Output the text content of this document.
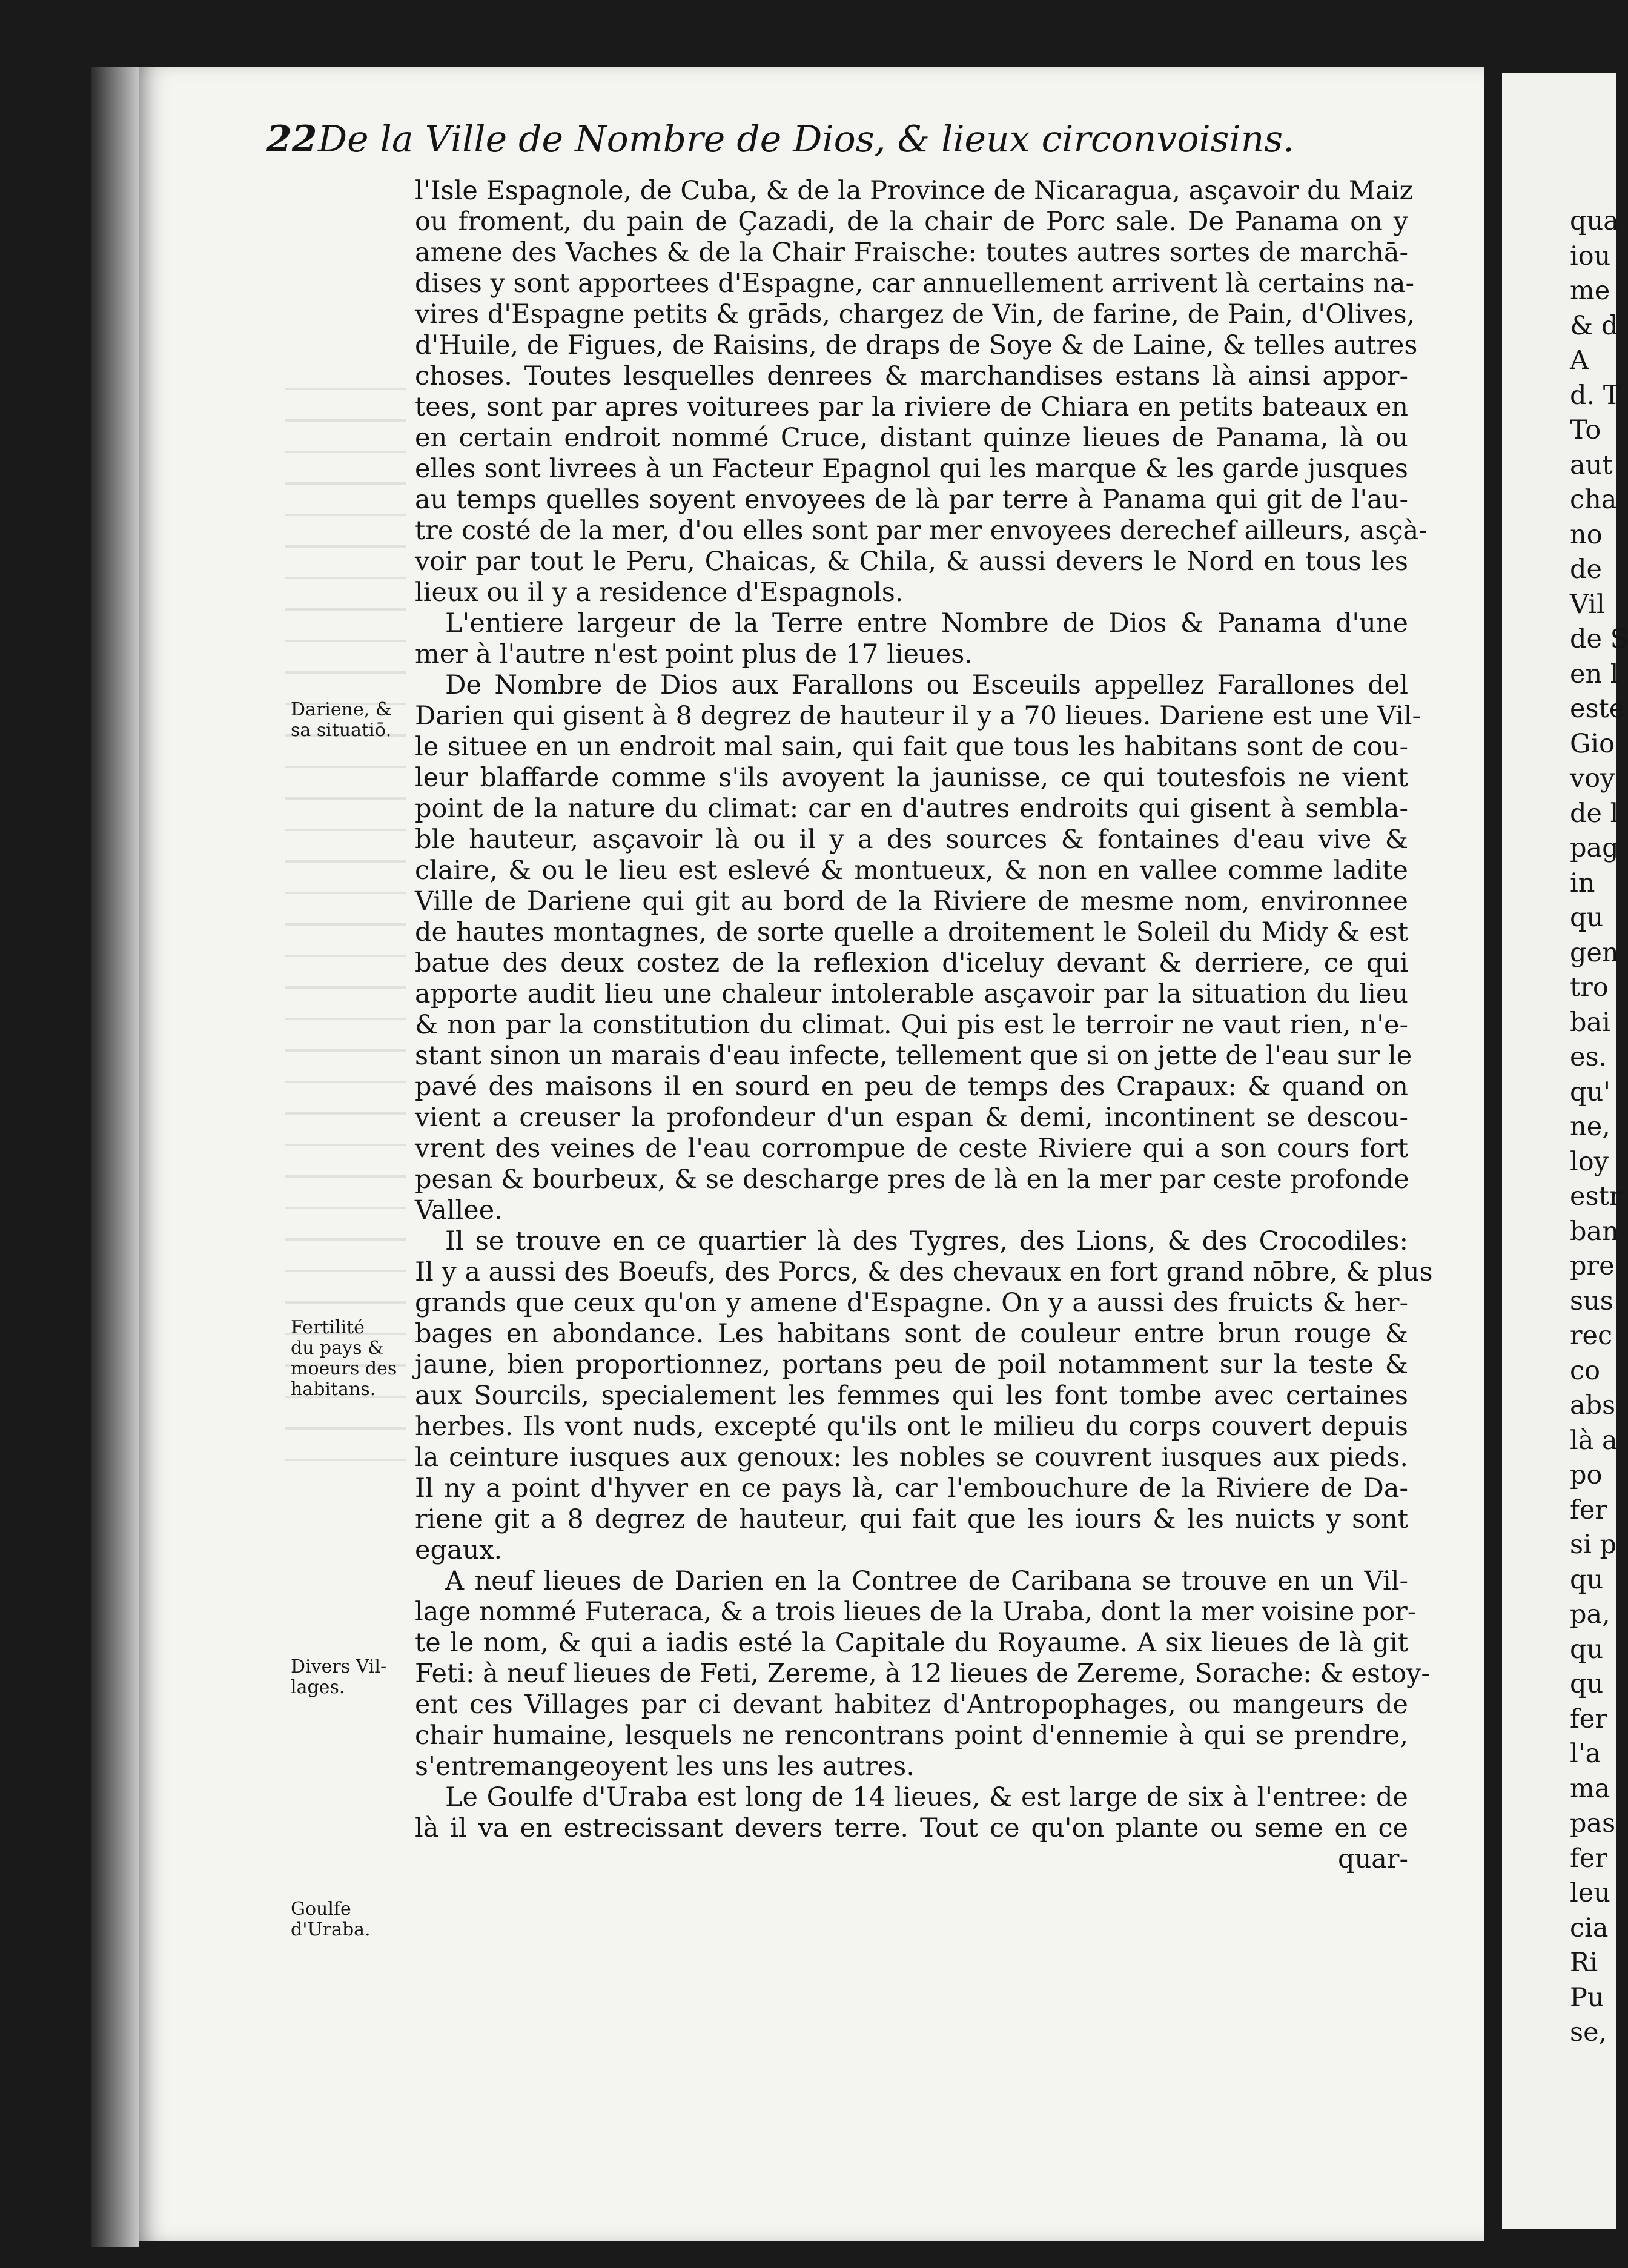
22 De la Ville de Nombre de Dios, & lieux circonvoisins.
l'Isle Espagnole, de Cuba, & de la Province de Nicaragua, asçavoir du Maiz
ou froment, du pain de Çazadi, de la chair de Porc sale. De Panama on y
amene des Vaches & de la Chair Fraische: toutes autres sortes de marchā-
dises y sont apportees d'Espagne, car annuellement arrivent là certains na-
vires d'Espagne petits & grāds, chargez de Vin, de farine, de Pain, d'Olives,
d'Huile, de Figues, de Raisins, de draps de Soye & de Laine, & telles autres
choses. Toutes lesquelles denrees & marchandises estans là ainsi appor-
tees, sont par apres voiturees par la riviere de Chiara en petits bateaux en
en certain endroit nommé Cruce, distant quinze lieues de Panama, là ou
elles sont livrees à un Facteur Epagnol qui les marque & les garde jusques
au temps quelles soyent envoyees de là par terre à Panama qui git de l'au-
tre costé de la mer, d'ou elles sont par mer envoyees derechef ailleurs, asçà-
voir par tout le Peru, Chaicas, & Chila, & aussi devers le Nord en tous les
lieux ou il y a residence d'Espagnols.
L'entiere largeur de la Terre entre Nombre de Dios & Panama d'une
mer à l'autre n'est point plus de 17 lieues.
De Nombre de Dios aux Farallons ou Esceuils appellez Farallones del
Darien qui gisent à 8 degrez de hauteur il y a 70 lieues. Dariene est une Vil-
le situee en un endroit mal sain, qui fait que tous les habitans sont de cou-
leur blaffarde comme s'ils avoyent la jaunisse, ce qui toutesfois ne vient
point de la nature du climat: car en d'autres endroits qui gisent à sembla-
ble hauteur, asçavoir là ou il y a des sources & fontaines d'eau vive &
claire, & ou le lieu est eslevé & montueux, & non en vallee comme ladite
Ville de Dariene qui git au bord de la Riviere de mesme nom, environnee
de hautes montagnes, de sorte quelle a droitement le Soleil du Midy & est
batue des deux costez de la reflexion d'iceluy devant & derriere, ce qui
apporte audit lieu une chaleur intolerable asçavoir par la situation du lieu
& non par la constitution du climat. Qui pis est le terroir ne vaut rien, n'e-
stant sinon un marais d'eau infecte, tellement que si on jette de l'eau sur le
pavé des maisons il en sourd en peu de temps des Crapaux: & quand on
vient a creuser la profondeur d'un espan & demi, incontinent se descou-
vrent des veines de l'eau corrompue de ceste Riviere qui a son cours fort
pesan & bourbeux, & se descharge pres de là en la mer par ceste profonde
Vallee.
Il se trouve en ce quartier là des Tygres, des Lions, & des Crocodiles:
Il y a aussi des Boeufs, des Porcs, & des chevaux en fort grand nōbre, & plus
grands que ceux qu'on y amene d'Espagne. On y a aussi des fruicts & her-
bages en abondance. Les habitans sont de couleur entre brun rouge &
jaune, bien proportionnez, portans peu de poil notamment sur la teste &
aux Sourcils, specialement les femmes qui les font tombe avec certaines
herbes. Ils vont nuds, excepté qu'ils ont le milieu du corps couvert depuis
la ceinture iusques aux genoux: les nobles se couvrent iusques aux pieds.
Il ny a point d'hyver en ce pays là, car l'embouchure de la Riviere de Da-
riene git a 8 degrez de hauteur, qui fait que les iours & les nuicts y sont
egaux.
A neuf lieues de Darien en la Contree de Caribana se trouve en un Vil-
lage nommé Futeraca, & a trois lieues de la Uraba, dont la mer voisine por-
te le nom, & qui a iadis esté la Capitale du Royaume. A six lieues de là git
Feti: à neuf lieues de Feti, Zereme, à 12 lieues de Zereme, Sorache: & estoy-
ent ces Villages par ci devant habitez d'Antropophages, ou mangeurs de
chair humaine, lesquels ne rencontrans point d'ennemie à qui se prendre,
s'entremangeoyent les uns les autres.
Le Goulfe d'Uraba est long de 14 lieues, & est large de six à l'entree: de
là il va en estrecissant devers terre. Tout ce qu'on plante ou seme en ce
quar-
Dariene, &
sa situatiō.
Fertilité
du pays &
moeurs des
habitans.
Divers Vil-
lages.
Goulfe
d'Uraba.
qua
iou
me
& d
A
d. T
To
aut
cha
no
de
Vil
de S
en l
este
Gio
voy
de l
pag
in
qu
gen
tro
bai
es.
qu'
ne,
loy
estr
ban
pre
sus
rec
co
abs
là a
po
fer
si p
qu
pa,
qu
qu
fer
l'a
ma
pas
fer
leu
cia
Ri
Pu
se,
